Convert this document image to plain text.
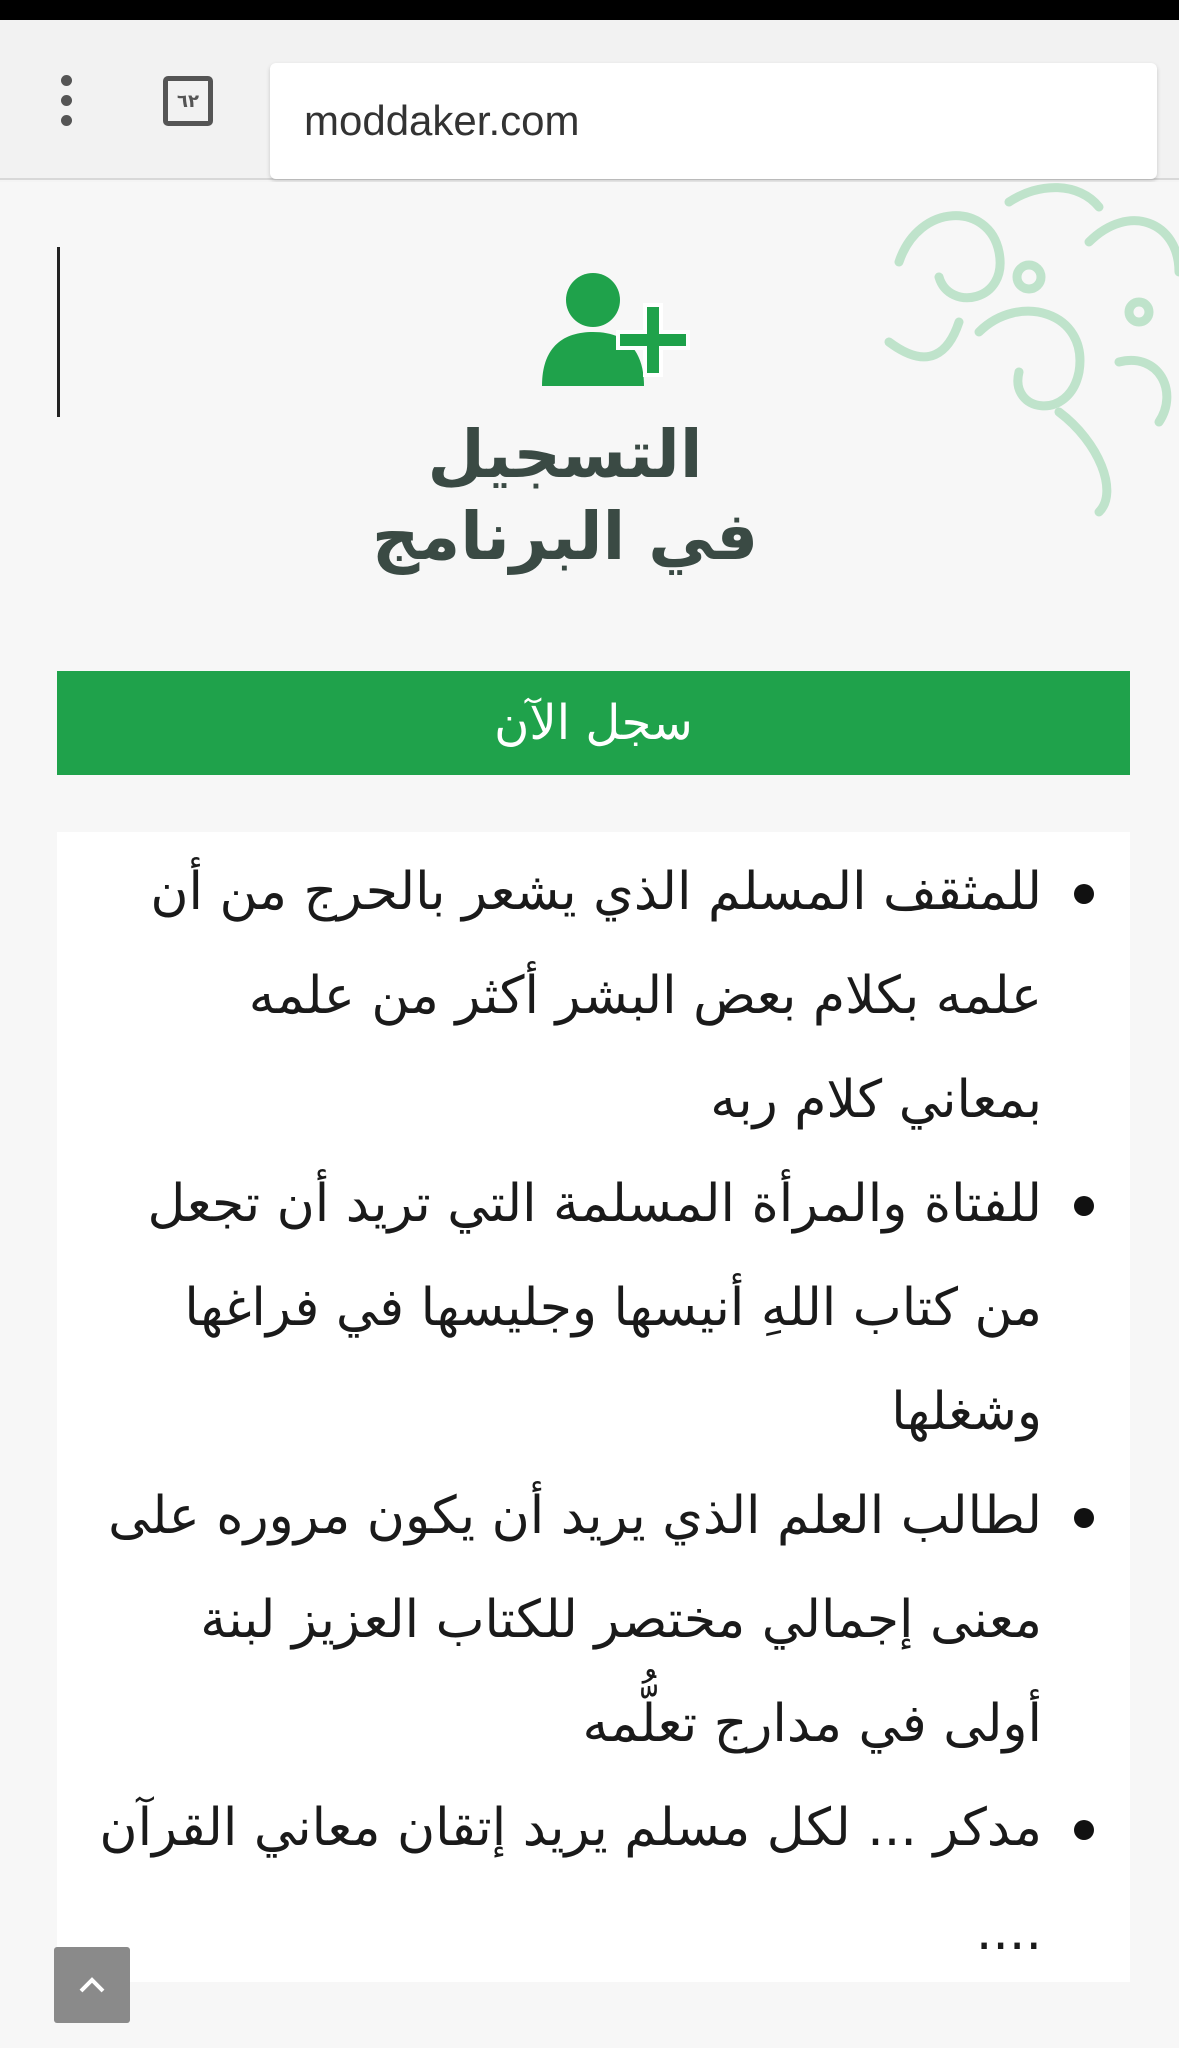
٦٢	moddaker.com
التسجيل
في البرنامج
سجل الآن
للمثقف المسلم الذي يشعر بالحرج من أن علمه بكلام بعض البشر أكثر من علمه بمعاني كلام ربه
للفتاة والمرأة المسلمة التي تريد أن تجعل من كتاب اللهِ أنيسها وجليسها في فراغها وشغلها
لطالب العلم الذي يريد أن يكون مروره على معنى إجمالي مختصر للكتاب العزيز لبنة أولى في مدارج تعلُّمه
مدكر ... لكل مسلم يريد إتقان معاني القرآن ....
